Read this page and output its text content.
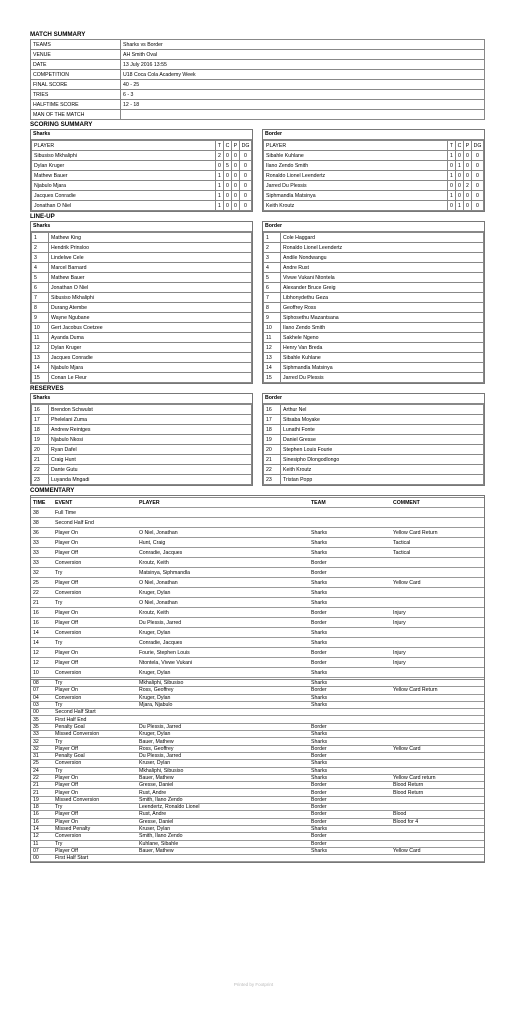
MATCH SUMMARY
TEAMS	Sharks vs Border
VENUE	AH Smith Oval
DATE	13 July 2016 13:55
COMPETITION	U18 Coca Cola Academy Week
FINAL SCORE	40 - 25
TRIES	6 - 3
HALFTIME SCORE	12 - 18
MAN OF THE MATCH	
SCORING SUMMARY
Sharks
PLAYER	T	C	P	DG
Sibusiso Mkhaliphi	2	0	0	0
Dylan Kruger	0	5	0	0
Mathew Bauer	1	0	0	0
Njabulo Mjara	1	0	0	0
Jacques Conradie	1	0	0	0
Jonathan O Niel	1	0	0	0
Border
PLAYER	T	C	P	DG
Sibahle Kuhlane	1	0	0	0
Ilano Zendo Smith	0	1	0	0
Ronaldo Lionel Leendertz	1	0	0	0
Jarred Du Plessis	0	0	2	0
Siphmandla Matsinya	1	0	0	0
Keith Kroutz	0	1	0	0
LINE-UP
Sharks
1	Mathew King
2	Hendrik Prinsloo
3	Lindelwe Cele
4	Marcel Barnard
5	Mathew Bauer
6	Jonathan O Niel
7	Sibusiso Mkhaliphi
8	Durang Atembe
9	Wayne Ngubane
10	Gert Jacobus Coetzee
11	Ayanda Duma
12	Dylan Kruger
13	Jacques Conradie
14	Njabulo Mjara
15	Conan Le Fleur
Border
1	Cole Haggard
2	Ronaldo Lionel Leendertz
3	Andile Nondwangu
4	Andre Rust
5	Vivwe Vukani Ntontela
6	Alexander Bruce Greig
7	Libhonydethu Geza
8	Geoffrey Ross
9	Siphosethu Mazantsana
10	Ilano Zendo Smith
11	Sakhele Ngeno
12	Henry Van Breda
13	Sibahle Kuhlane
14	Siphmandla Matsinya
15	Jarred Du Plessis
RESERVES
Sharks
16	Brendon Schwulst
17	Phelelani Zuma
18	Andrew Reintges
19	Njabulo Nkosi
20	Ryan Dafel
21	Craig Hunt
22	Dante Gutu
23	Luyanda Mngadi
Border
16	Arthur Nel
17	Sitsaba Moyake
18	Lunathi Fonte
19	Daniel Gresse
20	Stephen Louis Fourie
21	Sinesipho Dlongodlongo
22	Keith Kroutz
23	Tristan Popp
COMMENTARY
TIME	EVENT	PLAYER	TEAM	COMMENT
38	Full Time			
38	Second Half End			
36	Player On	O Niel, Jonathan	Sharks	Yellow Card Return
33	Player On	Hunt, Craig	Sharks	Tactical
33	Player Off	Conradie, Jacques	Sharks	Tactical
33	Conversion	Kroutz, Keith	Border	
32	Try	Matsinya, Siphmandla	Border	
25	Player Off	O Niel, Jonathan	Sharks	Yellow Card
22	Conversion	Kruger, Dylan	Sharks	
21	Try	O Niel, Jonathan	Sharks	
16	Player On	Kroutz, Keith	Border	Injury
16	Player Off	Du Plessis, Jarred	Border	Injury
14	Conversion	Kruger, Dylan	Sharks	
14	Try	Conradie, Jacques	Sharks	
12	Player On	Fourie, Stephen Louis	Border	Injury
12	Player Off	Ntontela, Vivwe Vukani	Border	Injury
10	Conversion	Kruger, Dylan	Sharks	
08	Try	Mkhaliphi, Sibusiso	Sharks	
07	Player On	Ross, Geoffrey	Border	Yellow Card Return
04	Conversion	Kruger, Dylan	Sharks	
03	Try	Mjara, Njabulo	Sharks	
00	Second Half Start			
35	First Half End			
35	Penalty Goal	Du Plessis, Jarred	Border	
33	Missed Conversion	Kruger, Dylan	Sharks	
32	Try	Bauer, Mathew	Sharks	
32	Player Off	Ross, Geoffrey	Border	Yellow Card
31	Penalty Goal	Du Plessis, Jarred	Border	
25	Conversion	Kruser, Dylan	Sharks	
24	Try	Mkhaliphi, Sibusiso	Sharks	
22	Player On	Bauer, Mathew	Sharks	Yellow Card return
21	Player Off	Gresse, Daniel	Border	Blood Return
21	Player On	Rust, Andre	Border	Blood Return
19	Missed Conversion	Smith, Ilano Zendo	Border	
18	Try	Leendertz, Ronaldo Lionel	Border	
16	Player Off	Rust, Andre	Border	Blood
16	Player On	Gresse, Daniel	Border	Blood for 4
14	Missed Penalty	Kruser, Dylan	Sharks	
12	Conversion	Smith, Ilano Zendo	Border	
11	Try	Kuhlane, Sibahle	Border	
07	Player Off	Bauer, Mathew	Sharks	Yellow Card
00	First Half Start			
Printed by Footprint
